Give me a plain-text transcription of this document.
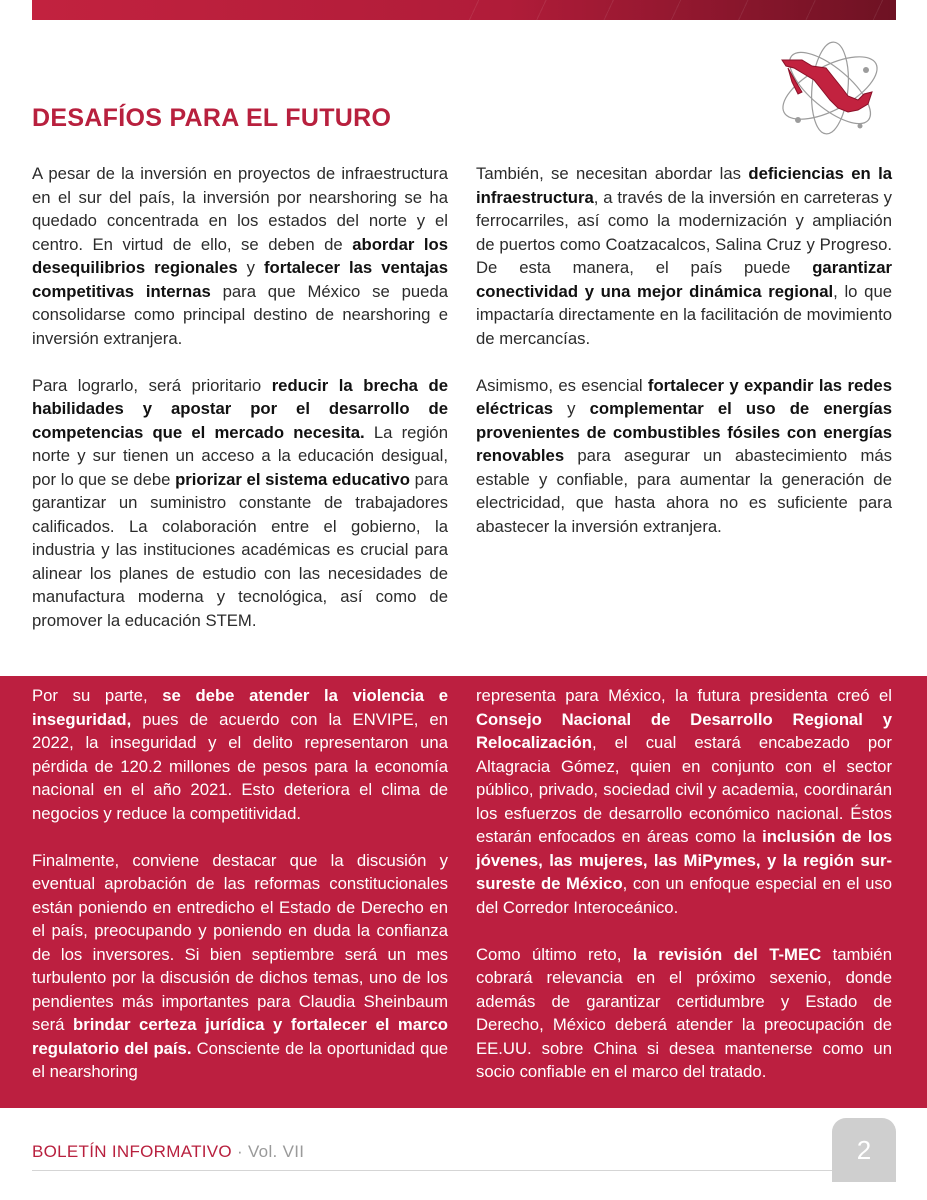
DESAFÍOS PARA EL FUTURO

A pesar de la inversión en proyectos de infraestructura en el sur del país, la inversión por nearshoring se ha quedado concentrada en los estados del norte y el centro. En virtud de ello, se deben de abordar los desequilibrios regionales y fortalecer las ventajas competitivas internas para que México se pueda consolidarse como principal destino de nearshoring e inversión extranjera.

Para lograrlo, será prioritario reducir la brecha de habilidades y apostar por el desarrollo de competencias que el mercado necesita. La región norte y sur tienen un acceso a la educación desigual, por lo que se debe priorizar el sistema educativo para garantizar un suministro constante de trabajadores calificados. La colaboración entre el gobierno, la industria y las instituciones académicas es crucial para alinear los planes de estudio con las necesidades de manufactura moderna y tecnológica, así como de promover la educación STEM.

También, se necesitan abordar las deficiencias en la infraestructura, a través de la inversión en carreteras y ferrocarriles, así como la modernización y ampliación de puertos como Coatzacalcos, Salina Cruz y Progreso. De esta manera, el país puede garantizar conectividad y una mejor dinámica regional, lo que impactaría directamente en la facilitación de movimiento de mercancías.

Asimismo, es esencial fortalecer y expandir las redes eléctricas y complementar el uso de energías provenientes de combustibles fósiles con energías renovables para asegurar un abastecimiento más estable y confiable, para aumentar la generación de electricidad, que hasta ahora no es suficiente para abastecer la inversión extranjera.

Por su parte, se debe atender la violencia e inseguridad, pues de acuerdo con la ENVIPE, en 2022, la inseguridad y el delito representaron una pérdida de 120.2 millones de pesos para la economía nacional en el año 2021. Esto deteriora el clima de negocios y reduce la competitividad.

Finalmente, conviene destacar que la discusión y eventual aprobación de las reformas constitucionales están poniendo en entredicho el Estado de Derecho en el país, preocupando y poniendo en duda la confianza de los inversores. Si bien septiembre será un mes turbulento por la discusión de dichos temas, uno de los pendientes más importantes para Claudia Sheinbaum será brindar certeza jurídica y fortalecer el marco regulatorio del país. Consciente de la oportunidad que el nearshoring

representa para México, la futura presidenta creó el Consejo Nacional de Desarrollo Regional y Relocalización, el cual estará encabezado por Altagracia Gómez, quien en conjunto con el sector público, privado, sociedad civil y academia, coordinarán los esfuerzos de desarrollo económico nacional. Éstos estarán enfocados en áreas como la inclusión de los jóvenes, las mujeres, las MiPymes, y la región sur-sureste de México, con un enfoque especial en el uso del Corredor Interoceánico.

Como último reto, la revisión del T-MEC también cobrará relevancia en el próximo sexenio, donde además de garantizar certidumbre y Estado de Derecho, México deberá atender la preocupación de EE.UU. sobre China si desea mantenerse como un socio confiable en el marco del tratado.

BOLETÍN INFORMATIVO · Vol. VII	2
